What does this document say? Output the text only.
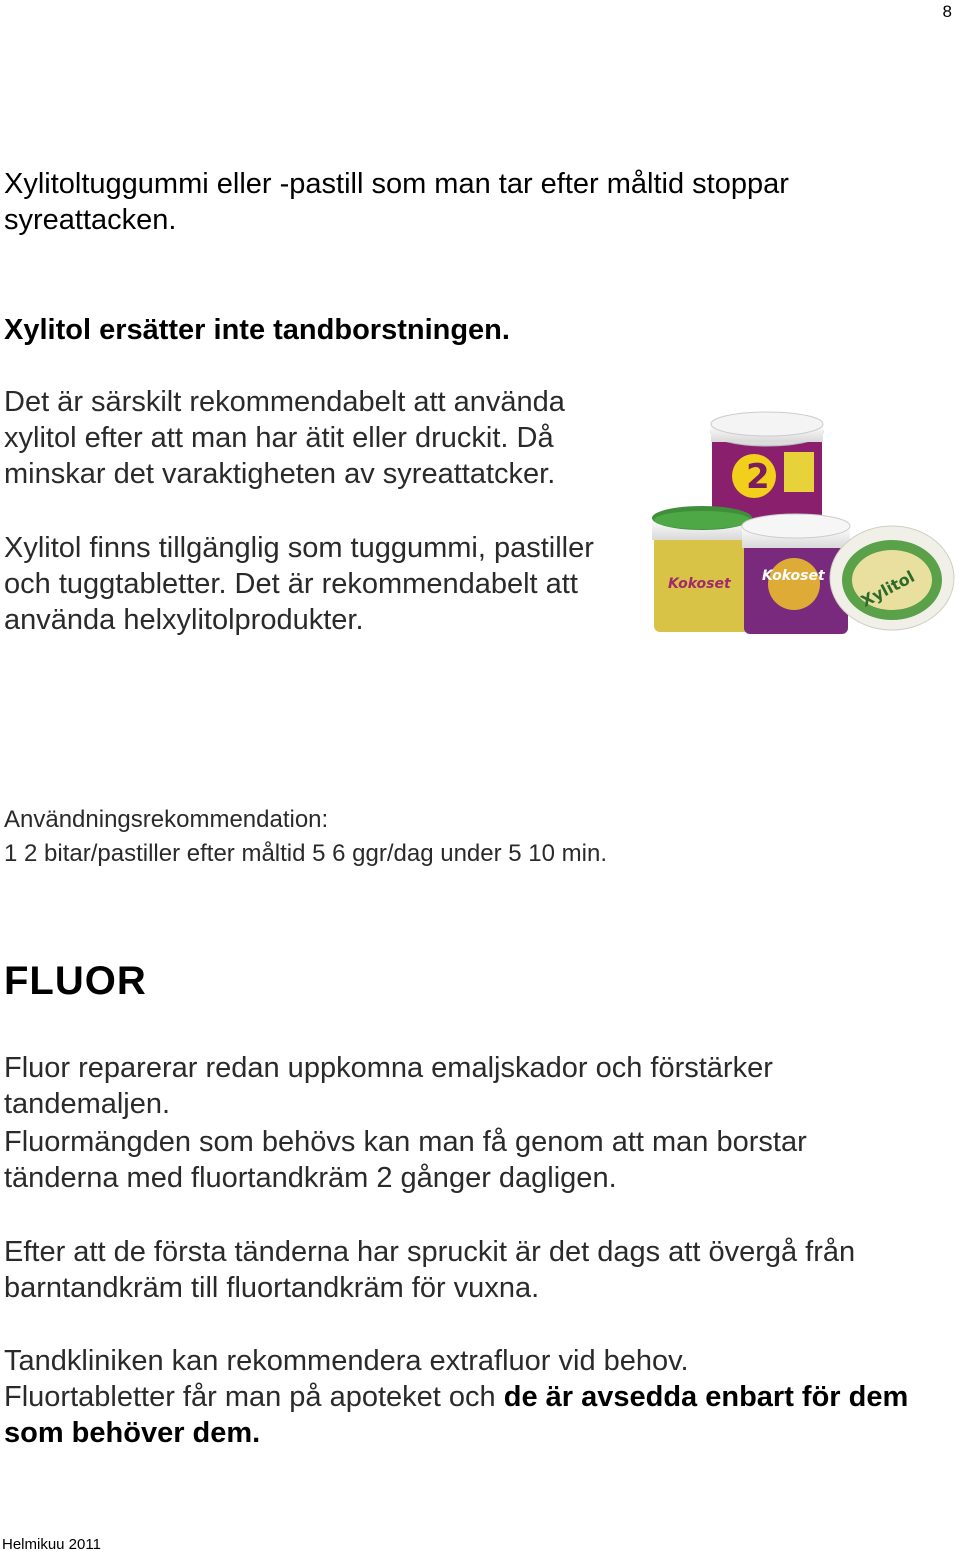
8

Xylitoltuggummi eller -pastill som man tar efter måltid stoppar syreattacken.

Xylitol ersätter inte tandborstningen.

Det är särskilt rekommendabelt att använda xylitol efter att man har ätit eller druckit. Då minskar det varaktigheten av syreattatcker.

Xylitol finns tillgänglig som tuggummi, pastiller och tuggtabletter. Det är rekommendabelt att använda helxylitolprodukter.

2
Kokoset Kokoset Xylitol

Användningsrekommendation:

1 2 bitar/pastiller efter måltid 5 6 ggr/dag under 5 10 min.

FLUOR

Fluor reparerar redan uppkomna emaljskador och förstärker tandemaljen.

Fluormängden som behövs kan man få genom att man borstar tänderna med fluortandkräm 2 gånger dagligen.

Efter att de första tänderna har spruckit är det dags att övergå från barntandkräm till fluortandkräm för vuxna.

Tandkliniken kan rekommendera extrafluor vid behov.

Fluortabletter får man på apoteket och de är avsedda enbart för dem som behöver dem.

Helmikuu 2011
